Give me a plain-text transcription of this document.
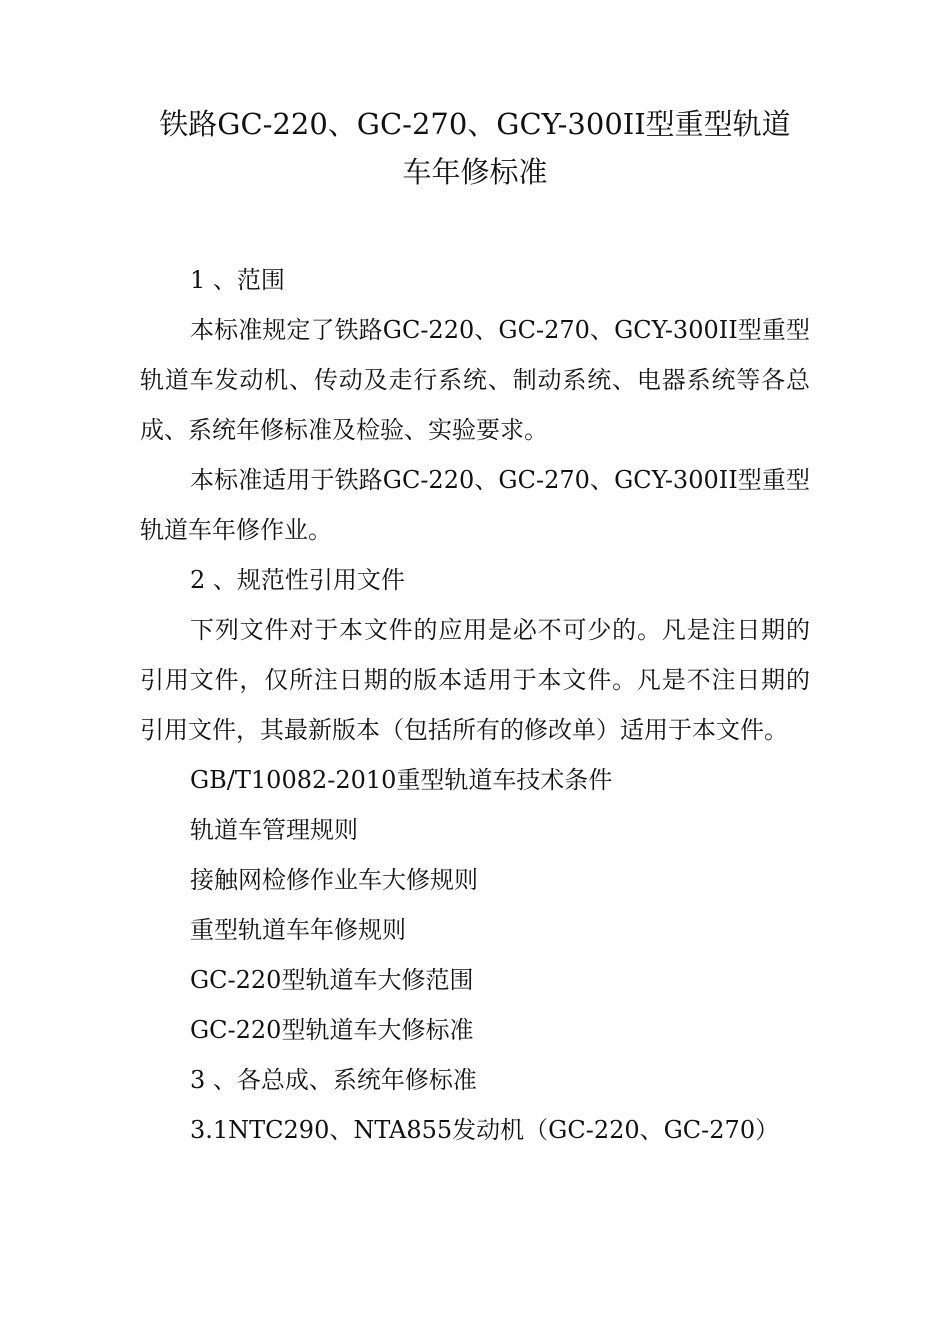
铁路GC-220、GC-270、GCY-300II型重型轨道
车年修标准

1 、范围

本标准规定了铁路GC-220、GC-270、GCY-300II型重型轨道车发动机、传动及走行系统、制动系统、电器系统等各总成、系统年修标准及检验、实验要求。

本标准适用于铁路GC-220、GC-270、GCY-300II型重型轨道车年修作业。

2 、规范性引用文件

下列文件对于本文件的应用是必不可少的。凡是注日期的引用文件，仅所注日期的版本适用于本文件。凡是不注日期的引用文件，其最新版本（包括所有的修改单）适用于本文件。

GB/T10082-2010重型轨道车技术条件

轨道车管理规则

接触网检修作业车大修规则

重型轨道车年修规则

GC-220型轨道车大修范围

GC-220型轨道车大修标准

3 、各总成、系统年修标准

3.1NTC290、NTA855发动机（GC-220、GC-270）
